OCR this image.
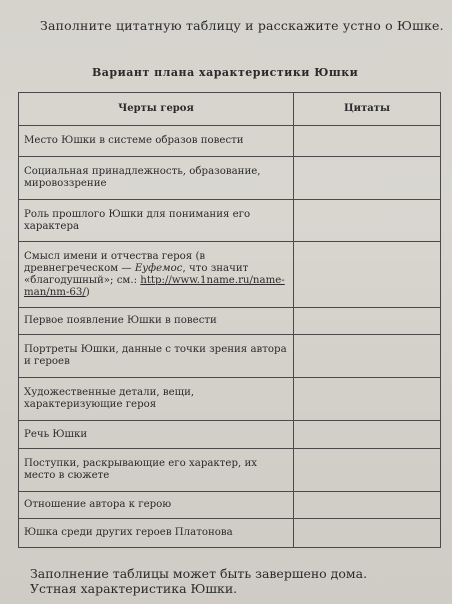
Заполните цитатную таблицу и расскажите устно о Юшке.
Вариант плана характеристики Юшки
Черты героя	Цитаты
Место Юшки в системе образов повести	
Социальная принадлежность, образование, мировоззрение	
Роль прошлого Юшки для понимания его характера	
Смысл имени и отчества героя (в древнегреческом — Еуфемос, что значит «благодушный»; см.: http://www.1name.ru/name-man/nm-63/)	
Первое появление Юшки в повести	
Портреты Юшки, данные с точки зрения автора и героев	
Художественные детали, вещи, характеризующие героя	
Речь Юшки	
Поступки, раскрывающие его характер, их место в сюжете	
Отношение автора к герою	
Юшка среди других героев Платонова	
Заполнение таблицы может быть завершено дома.
Устная характеристика Юшки.
